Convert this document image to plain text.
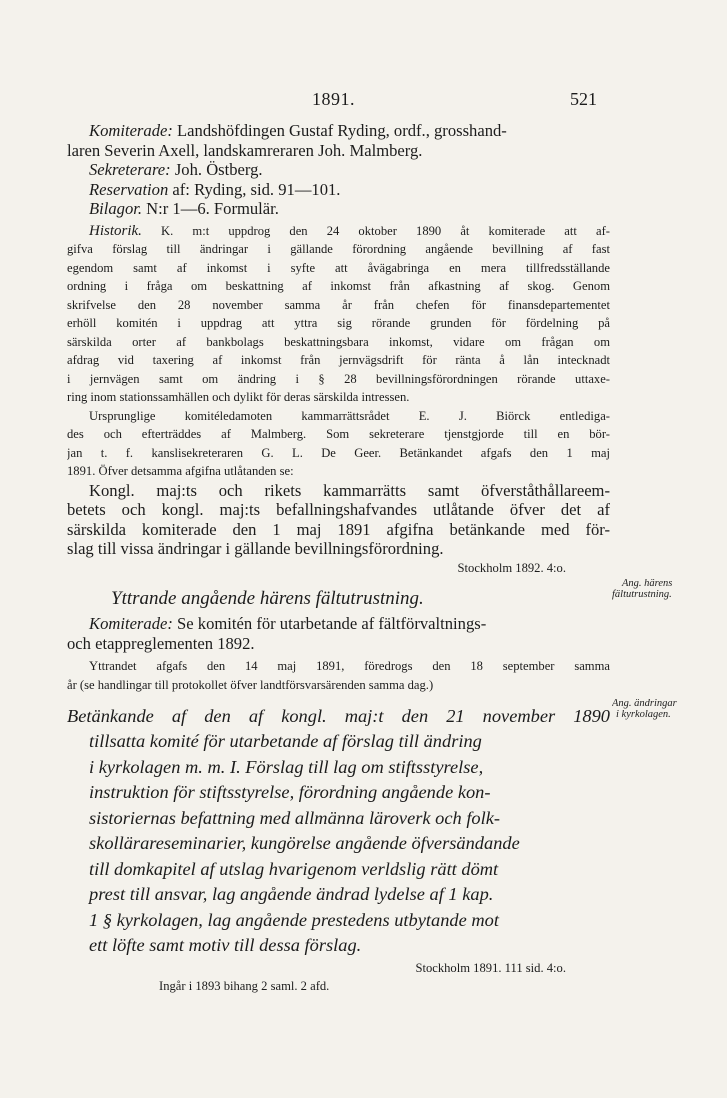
1891.	521
Komiterade: Landshöfdingen Gustaf Ryding, ordf., grosshand-
laren Severin Axell, landskamreraren Joh. Malmberg.
Sekreterare: Joh. Östberg.
Reservation af: Ryding, sid. 91—101.
Bilagor. N:r 1—6. Formulär.
Historik. K. m:t uppdrog den 24 oktober 1890 åt komiterade att af-
gifva förslag till ändringar i gällande förordning angående bevillning af fast
egendom samt af inkomst i syfte att åvägabringa en mera tillfredsställande
ordning i fråga om beskattning af inkomst från afkastning af skog. Genom
skrifvelse den 28 november samma år från chefen för finansdepartementet
erhöll komitén i uppdrag att yttra sig rörande grunden för fördelning på
särskilda orter af bankbolags beskattningsbara inkomst, vidare om frågan om
afdrag vid taxering af inkomst från jernvägsdrift för ränta å lån intecknadt
i jernvägen samt om ändring i § 28 bevillningsförordningen rörande uttaxe-
ring inom stationssamhällen och dylikt för deras särskilda intressen.
Ursprunglige komitéledamoten kammarrättsrådet E. J. Biörck entlediga-
des och efterträddes af Malmberg. Som sekreterare tjenstgjorde till en bör-
jan t. f. kanslisekreteraren G. L. De Geer. Betänkandet afgafs den 1 maj
1891. Öfver detsamma afgifna utlåtanden se:
Kongl. maj:ts och rikets kammarrätts samt öfverståthållareem-
betets och kongl. maj:ts befallningshafvandes utlåtande öfver det af
särskilda komiterade den 1 maj 1891 afgifna betänkande med för-
slag till vissa ändringar i gällande bevillningsförordning.
Stockholm 1892. 4:o.
Yttrande angående härens fältutrustning.
Komiterade: Se komitén för utarbetande af fältförvaltnings-
och etappreglementen 1892.
Yttrandet afgafs den 14 maj 1891, föredrogs den 18 september samma
år (se handlingar till protokollet öfver landtförsvarsärenden samma dag.)
Betänkande af den af kongl. maj:t den 21 november 1890
tillsatta komité för utarbetande af förslag till ändring
i kyrkolagen m. m. I. Förslag till lag om stiftsstyrelse,
instruktion för stiftsstyrelse, förordning angående kon-
sistoriernas befattning med allmänna läroverk och folk-
skollärareseminarier, kungörelse angående öfversändande
till domkapitel af utslag hvarigenom verldslig rätt dömt
prest till ansvar, lag angående ändrad lydelse af 1 kap.
1 § kyrkolagen, lag angående prestedens utbytande mot
ett löfte samt motiv till dessa förslag.
Stockholm 1891. 111 sid. 4:o.
Ingår i 1893 bihang 2 saml. 2 afd.
Ang. härens
fältutrustning.
Ang. ändringar
i kyrkolagen.
